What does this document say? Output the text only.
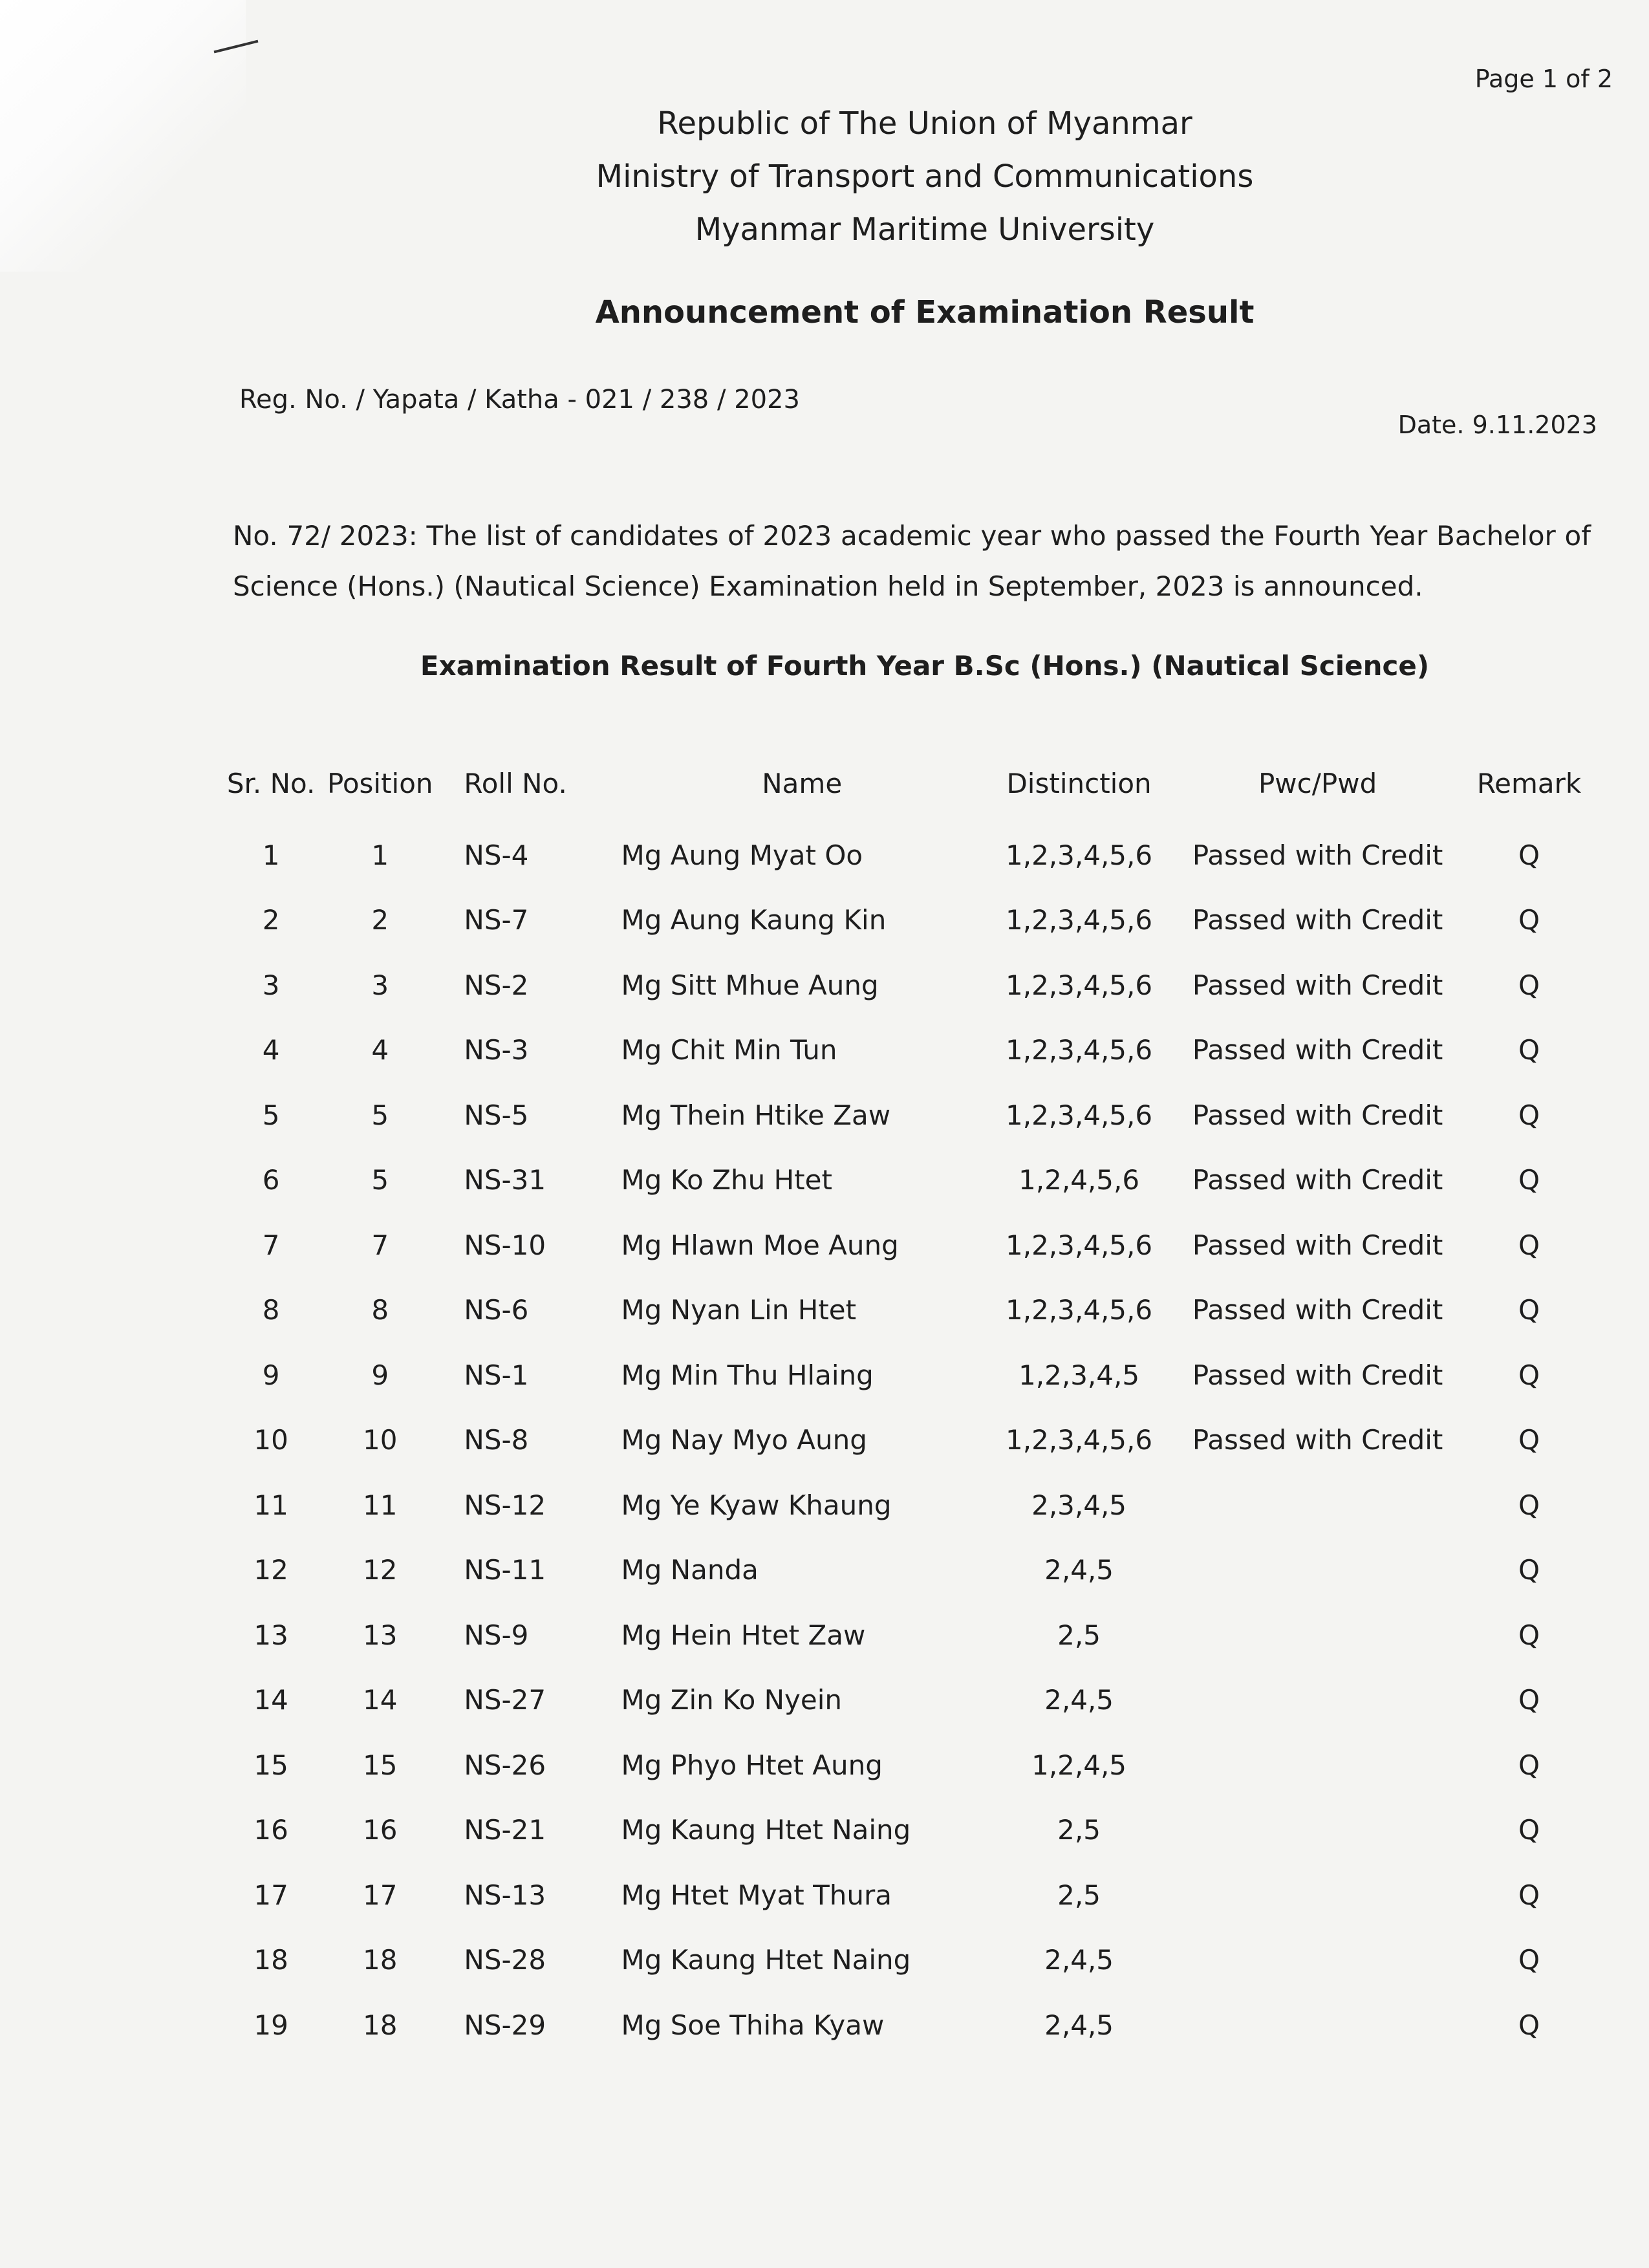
Page 1 of 2
Republic of The Union of Myanmar
Ministry of Transport and Communications
Myanmar Maritime University
Announcement of Examination Result
Reg. No. / Yapata / Katha - 021 / 238 / 2023
Date. 9.11.2023
No. 72/ 2023: The list of candidates of 2023 academic year who passed the Fourth Year Bachelor of Science (Hons.) (Nautical Science) Examination held in September, 2023 is announced.
Examination Result of Fourth Year B.Sc (Hons.) (Nautical Science)
Sr. No.	Position	Roll No.	Name	Distinction	Pwc/Pwd	Remark
1	1	NS-4	Mg Aung Myat Oo	1,2,3,4,5,6	Passed with Credit	Q
2	2	NS-7	Mg Aung Kaung Kin	1,2,3,4,5,6	Passed with Credit	Q
3	3	NS-2	Mg Sitt Mhue Aung	1,2,3,4,5,6	Passed with Credit	Q
4	4	NS-3	Mg Chit Min Tun	1,2,3,4,5,6	Passed with Credit	Q
5	5	NS-5	Mg Thein Htike Zaw	1,2,3,4,5,6	Passed with Credit	Q
6	5	NS-31	Mg Ko Zhu Htet	1,2,4,5,6	Passed with Credit	Q
7	7	NS-10	Mg Hlawn Moe Aung	1,2,3,4,5,6	Passed with Credit	Q
8	8	NS-6	Mg Nyan Lin Htet	1,2,3,4,5,6	Passed with Credit	Q
9	9	NS-1	Mg Min Thu Hlaing	1,2,3,4,5	Passed with Credit	Q
10	10	NS-8	Mg Nay Myo Aung	1,2,3,4,5,6	Passed with Credit	Q
11	11	NS-12	Mg Ye Kyaw Khaung	2,3,4,5		Q
12	12	NS-11	Mg Nanda	2,4,5		Q
13	13	NS-9	Mg Hein Htet Zaw	2,5		Q
14	14	NS-27	Mg Zin Ko Nyein	2,4,5		Q
15	15	NS-26	Mg Phyo Htet Aung	1,2,4,5		Q
16	16	NS-21	Mg Kaung Htet Naing	2,5		Q
17	17	NS-13	Mg Htet Myat Thura	2,5		Q
18	18	NS-28	Mg Kaung Htet Naing	2,4,5		Q
19	18	NS-29	Mg Soe Thiha Kyaw	2,4,5		Q
